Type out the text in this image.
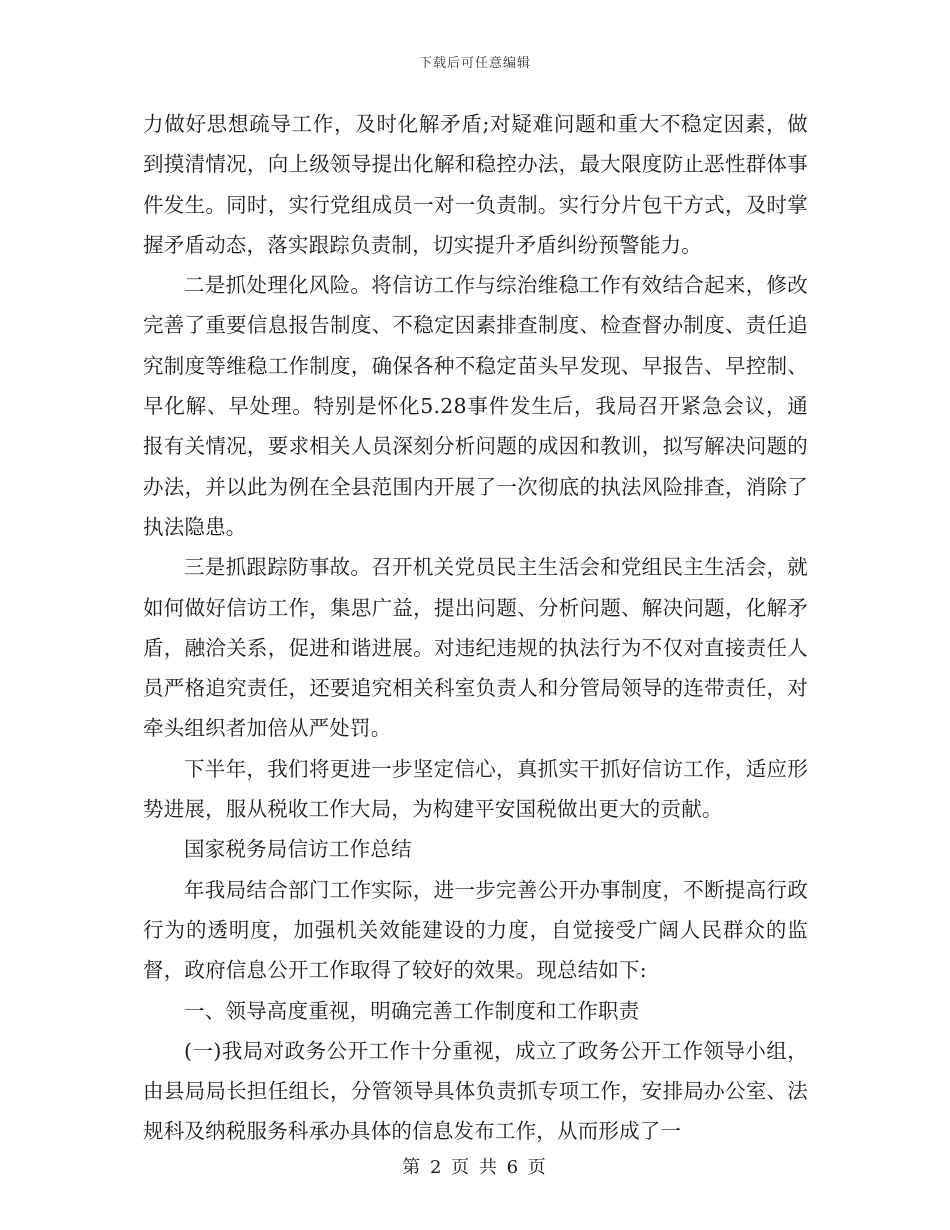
下载后可任意编辑

力做好思想疏导工作，及时化解矛盾;对疑难问题和重大不稳定因素，做到摸清情况，向上级领导提出化解和稳控办法，最大限度防止恶性群体事件发生。同时，实行党组成员一对一负责制。实行分片包干方式，及时掌握矛盾动态，落实跟踪负责制，切实提升矛盾纠纷预警能力。

二是抓处理化风险。将信访工作与综治维稳工作有效结合起来，修改完善了重要信息报告制度、不稳定因素排查制度、检查督办制度、责任追究制度等维稳工作制度，确保各种不稳定苗头早发现、早报告、早控制、早化解、早处理。特别是怀化5.28事件发生后，我局召开紧急会议，通报有关情况，要求相关人员深刻分析问题的成因和教训，拟写解决问题的办法，并以此为例在全县范围内开展了一次彻底的执法风险排查，消除了执法隐患。

三是抓跟踪防事故。召开机关党员民主生活会和党组民主生活会，就如何做好信访工作，集思广益，提出问题、分析问题、解决问题，化解矛盾，融洽关系，促进和谐进展。对违纪违规的执法行为不仅对直接责任人员严格追究责任，还要追究相关科室负责人和分管局领导的连带责任，对牵头组织者加倍从严处罚。

下半年，我们将更进一步坚定信心，真抓实干抓好信访工作，适应形势进展，服从税收工作大局，为构建平安国税做出更大的贡献。

国家税务局信访工作总结

年我局结合部门工作实际，进一步完善公开办事制度，不断提高行政行为的透明度，加强机关效能建设的力度，自觉接受广阔人民群众的监督，政府信息公开工作取得了较好的效果。现总结如下:

一、领导高度重视，明确完善工作制度和工作职责

(一)我局对政务公开工作十分重视，成立了政务公开工作领导小组，由县局局长担任组长，分管领导具体负责抓专项工作，安排局办公室、法规科及纳税服务科承办具体的信息发布工作，从而形成了一

第 2 页 共 6 页
